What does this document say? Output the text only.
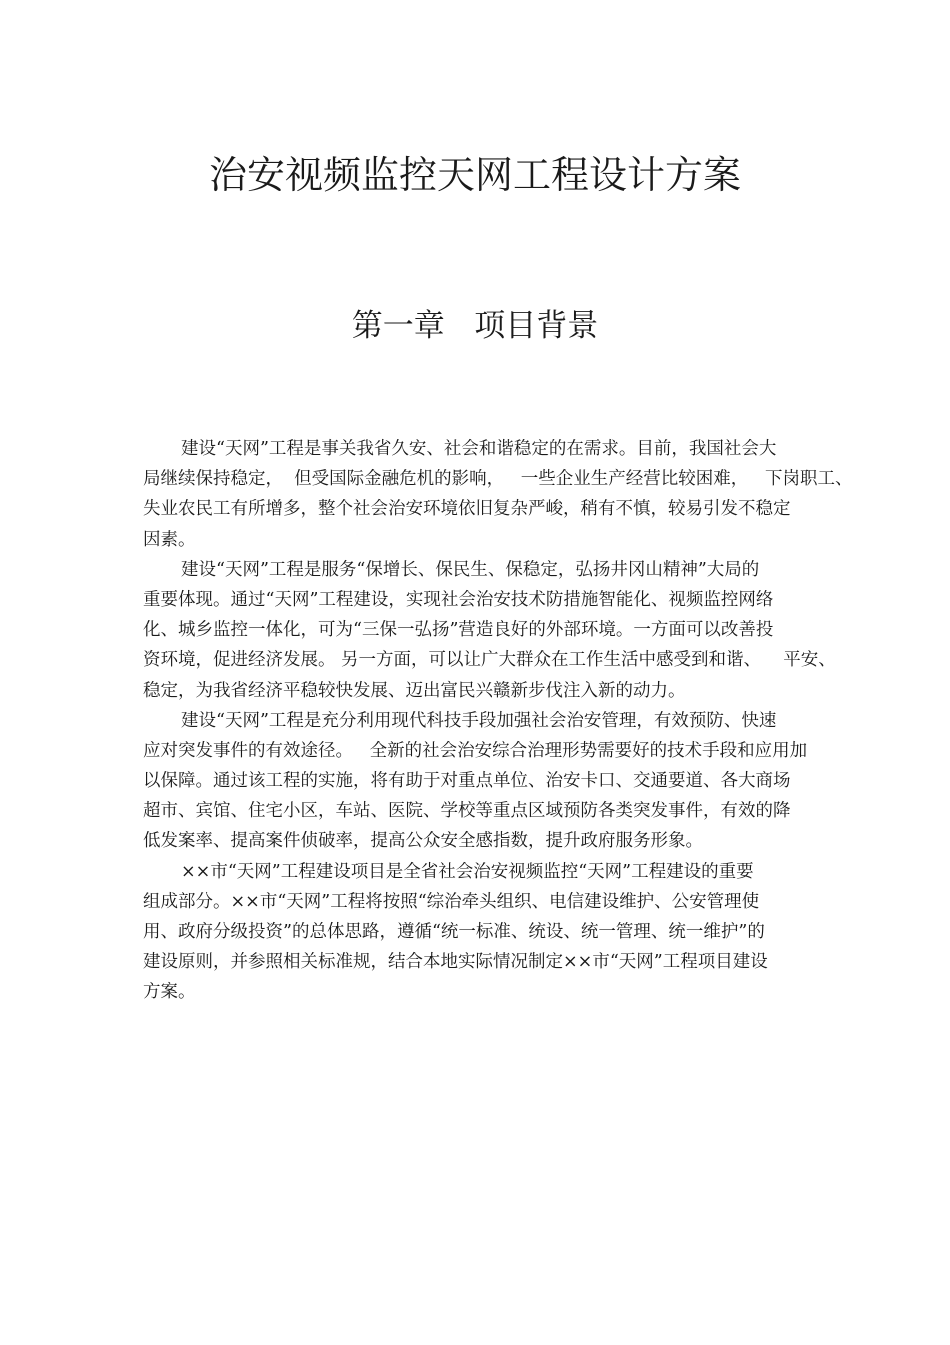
治安视频监控天网工程设计方案
第一章   项目背景
建设“天网”工程是事关我省久安、社会和谐稳定的在需求。目前，我国社会大
局继续保持稳定，  但受国际金融危机的影响，   一些企业生产经营比较困难，   下岗职工、
失业农民工有所增多，整个社会治安环境依旧复杂严峻，稍有不慎，较易引发不稳定
因素。
建设“天网”工程是服务“保增长、保民生、保稳定，弘扬井冈山精神”大局的
重要体现。通过“天网”工程建设，实现社会治安技术防措施智能化、视频监控网络
化、城乡监控一体化，可为“三保一弘扬”营造良好的外部环境。一方面可以改善投
资环境，促进经济发展。 另一方面，可以让广大群众在工作生活中感受到和谐、    平安、
稳定，为我省经济平稳较快发展、迈出富民兴赣新步伐注入新的动力。
建设“天网”工程是充分利用现代科技手段加强社会治安管理，有效预防、快速
应对突发事件的有效途径。   全新的社会治安综合治理形势需要好的技术手段和应用加
以保障。通过该工程的实施，将有助于对重点单位、治安卡口、交通要道、各大商场
超市、宾馆、住宅小区，车站、医院、学校等重点区域预防各类突发事件，有效的降
低发案率、提高案件侦破率，提高公众安全感指数，提升政府服务形象。
××市“天网”工程建设项目是全省社会治安视频监控“天网”工程建设的重要
组成部分。××市“天网”工程将按照“综治牵头组织、电信建设维护、公安管理使
用、政府分级投资”的总体思路，遵循“统一标准、统设、统一管理、统一维护”的
建设原则，并参照相关标准规，结合本地实际情况制定××市“天网”工程项目建设
方案。
